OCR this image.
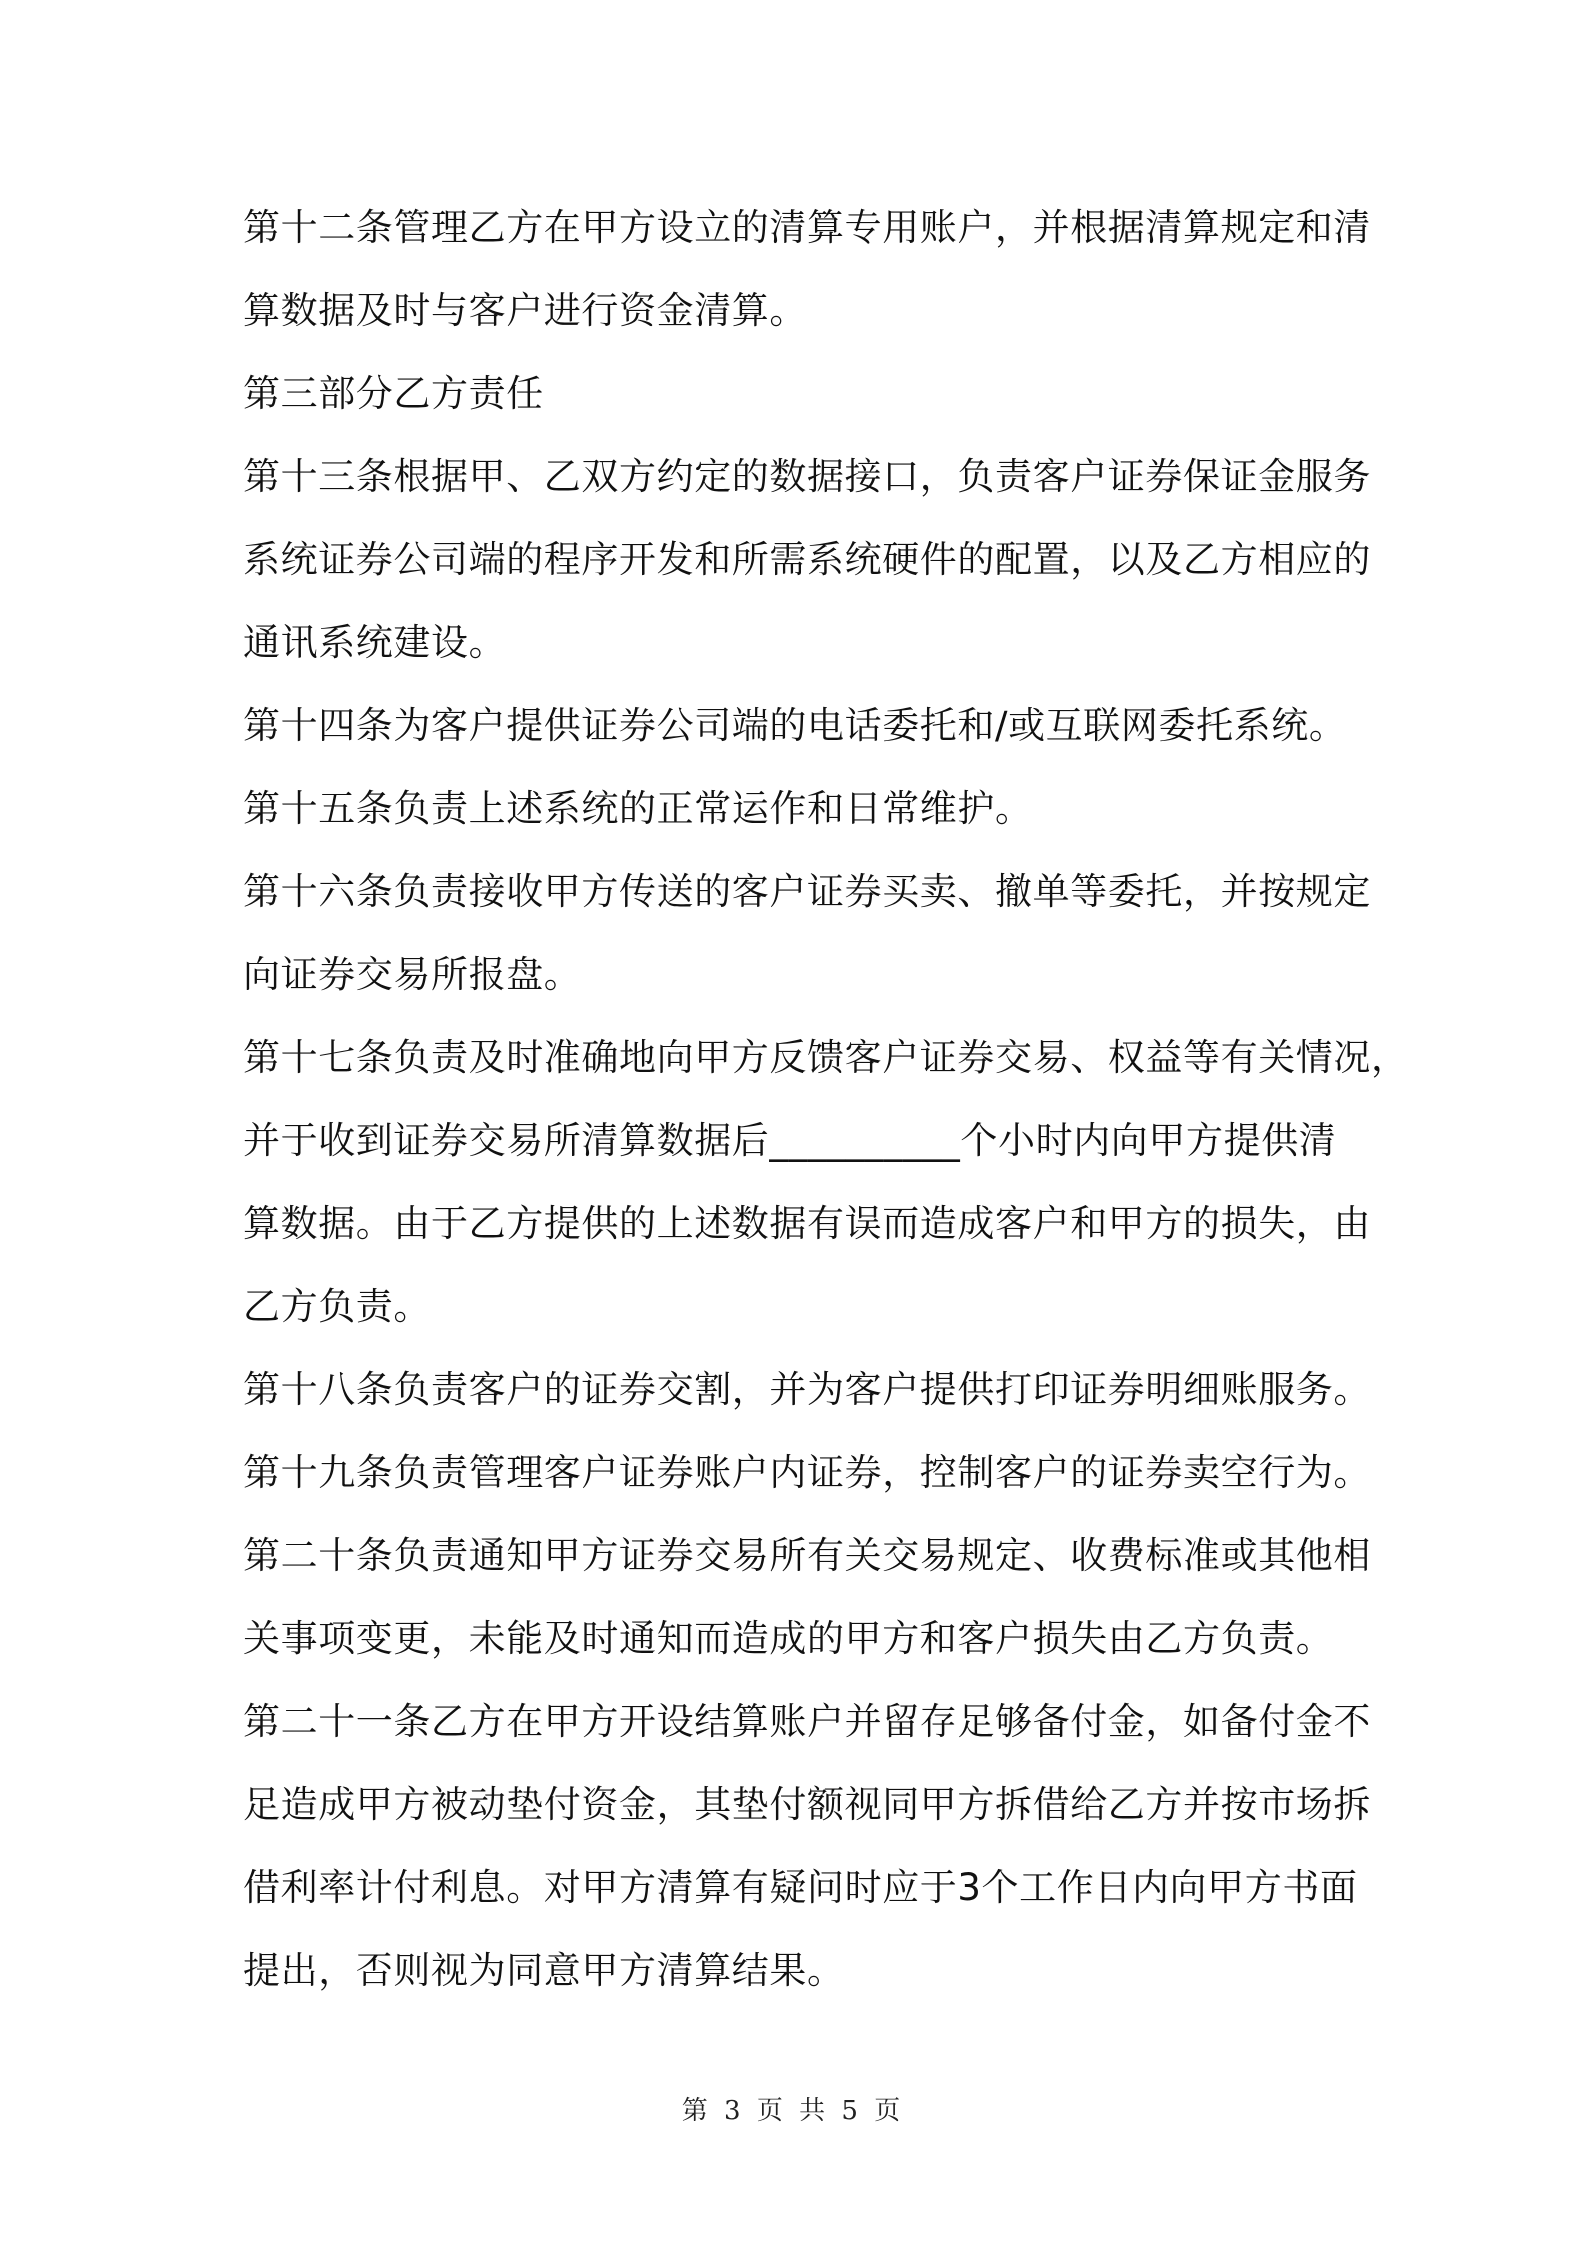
第十二条管理乙方在甲方设立的清算专用账户，并根据清算规定和清
算数据及时与客户进行资金清算。
第三部分乙方责任
第十三条根据甲、乙双方约定的数据接口，负责客户证券保证金服务
系统证券公司端的程序开发和所需系统硬件的配置，以及乙方相应的
通讯系统建设。
第十四条为客户提供证券公司端的电话委托和/或互联网委托系统。
第十五条负责上述系统的正常运作和日常维护。
第十六条负责接收甲方传送的客户证券买卖、撤单等委托，并按规定
向证券交易所报盘。
第十七条负责及时准确地向甲方反馈客户证券交易、权益等有关情况，
并于收到证券交易所清算数据后__________个小时内向甲方提供清
算数据。由于乙方提供的上述数据有误而造成客户和甲方的损失，由
乙方负责。
第十八条负责客户的证券交割，并为客户提供打印证券明细账服务。
第十九条负责管理客户证券账户内证券，控制客户的证券卖空行为。
第二十条负责通知甲方证券交易所有关交易规定、收费标准或其他相
关事项变更，未能及时通知而造成的甲方和客户损失由乙方负责。
第二十一条乙方在甲方开设结算账户并留存足够备付金，如备付金不
足造成甲方被动垫付资金，其垫付额视同甲方拆借给乙方并按市场拆
借利率计付利息。对甲方清算有疑问时应于3个工作日内向甲方书面
提出，否则视为同意甲方清算结果。
第 3 页 共 5 页
